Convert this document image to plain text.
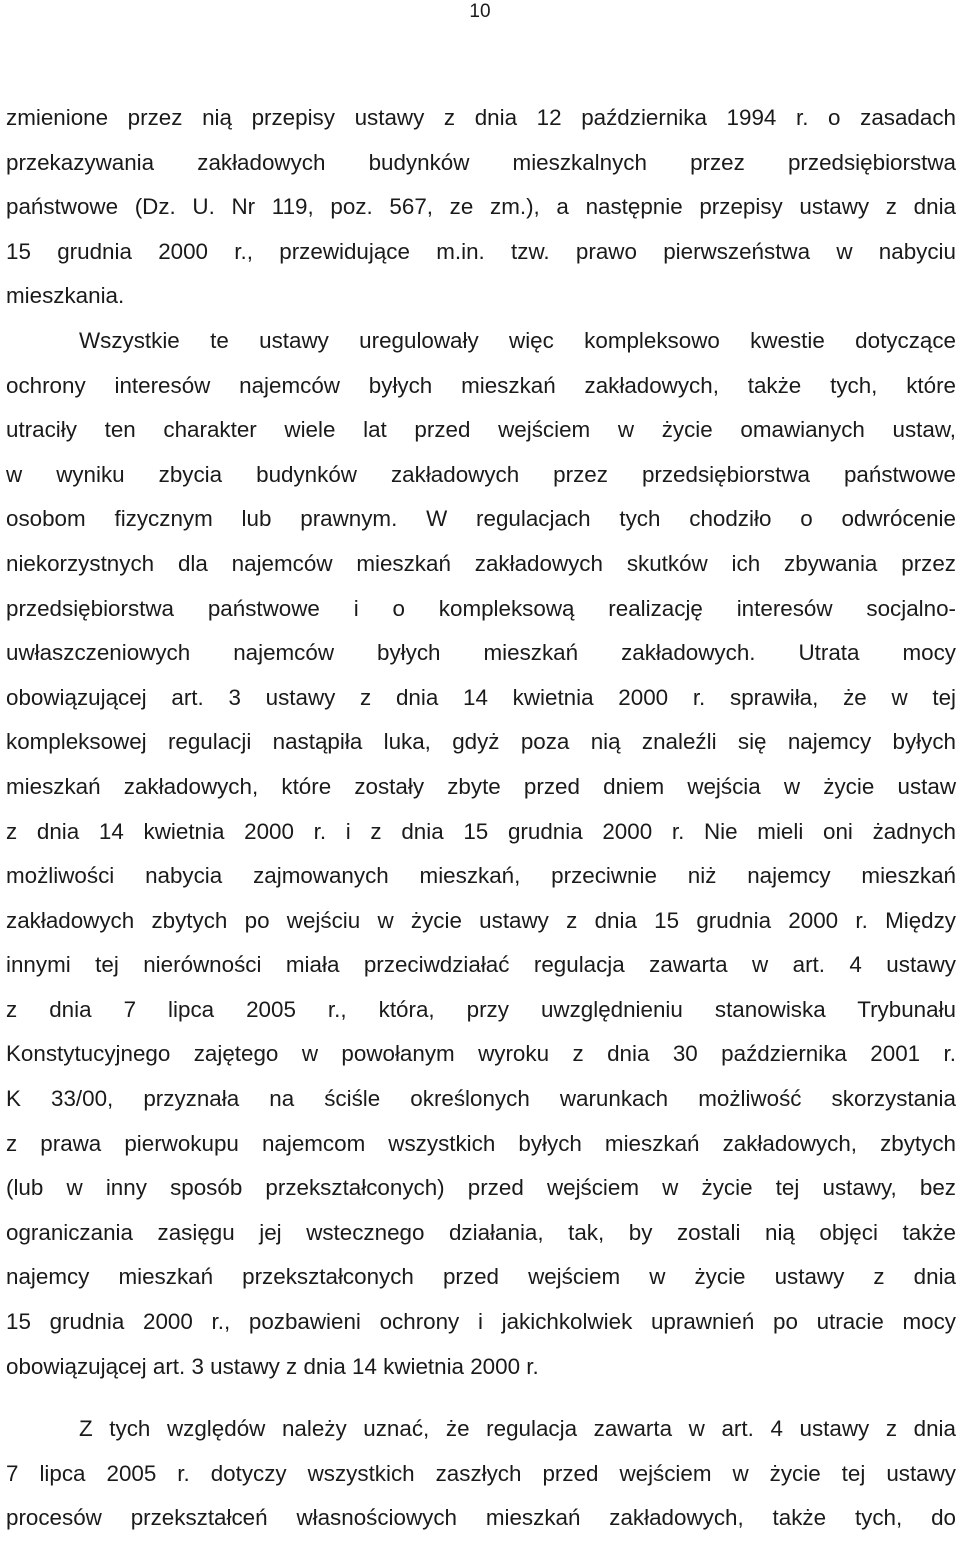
10

zmienione przez nią przepisy ustawy z dnia 12 października 1994 r. o zasadach
przekazywania zakładowych budynków mieszkalnych przez przedsiębiorstwa
państwowe (Dz. U. Nr 119, poz. 567, ze zm.), a następnie przepisy ustawy z dnia
15 grudnia 2000 r., przewidujące m.in. tzw. prawo pierwszeństwa w nabyciu
mieszkania.

Wszystkie te ustawy uregulowały więc kompleksowo kwestie dotyczące
ochrony interesów najemców byłych mieszkań zakładowych, także tych, które
utraciły ten charakter wiele lat przed wejściem w życie omawianych ustaw,
w wyniku zbycia budynków zakładowych przez przedsiębiorstwa państwowe
osobom fizycznym lub prawnym. W regulacjach tych chodziło o odwrócenie
niekorzystnych dla najemców mieszkań zakładowych skutków ich zbywania przez
przedsiębiorstwa państwowe i o kompleksową realizację interesów socjalno-
uwłaszczeniowych najemców byłych mieszkań zakładowych. Utrata mocy
obowiązującej art. 3 ustawy z dnia 14 kwietnia 2000 r. sprawiła, że w tej
kompleksowej regulacji nastąpiła luka, gdyż poza nią znaleźli się najemcy byłych
mieszkań zakładowych, które zostały zbyte przed dniem wejścia w życie ustaw
z dnia 14 kwietnia 2000 r. i z dnia 15 grudnia 2000 r. Nie mieli oni żadnych
możliwości nabycia zajmowanych mieszkań, przeciwnie niż najemcy mieszkań
zakładowych zbytych po wejściu w życie ustawy z dnia 15 grudnia 2000 r. Między
innymi tej nierówności miała przeciwdziałać regulacja zawarta w art. 4 ustawy
z dnia 7 lipca 2005 r., która, przy uwzględnieniu stanowiska Trybunału
Konstytucyjnego zajętego w powołanym wyroku z dnia 30 października 2001 r.
K 33/00, przyznała na ściśle określonych warunkach możliwość skorzystania
z prawa pierwokupu najemcom wszystkich byłych mieszkań zakładowych, zbytych
(lub w inny sposób przekształconych) przed wejściem w życie tej ustawy, bez
ograniczania zasięgu jej wstecznego działania, tak, by zostali nią objęci także
najemcy mieszkań przekształconych przed wejściem w życie ustawy z dnia
15 grudnia 2000 r., pozbawieni ochrony i jakichkolwiek uprawnień po utracie mocy
obowiązującej art. 3 ustawy z dnia 14 kwietnia 2000 r.

Z tych względów należy uznać, że regulacja zawarta w art. 4 ustawy z dnia
7 lipca 2005 r. dotyczy wszystkich zaszłych przed wejściem w życie tej ustawy
procesów przekształceń własnościowych mieszkań zakładowych, także tych, do
